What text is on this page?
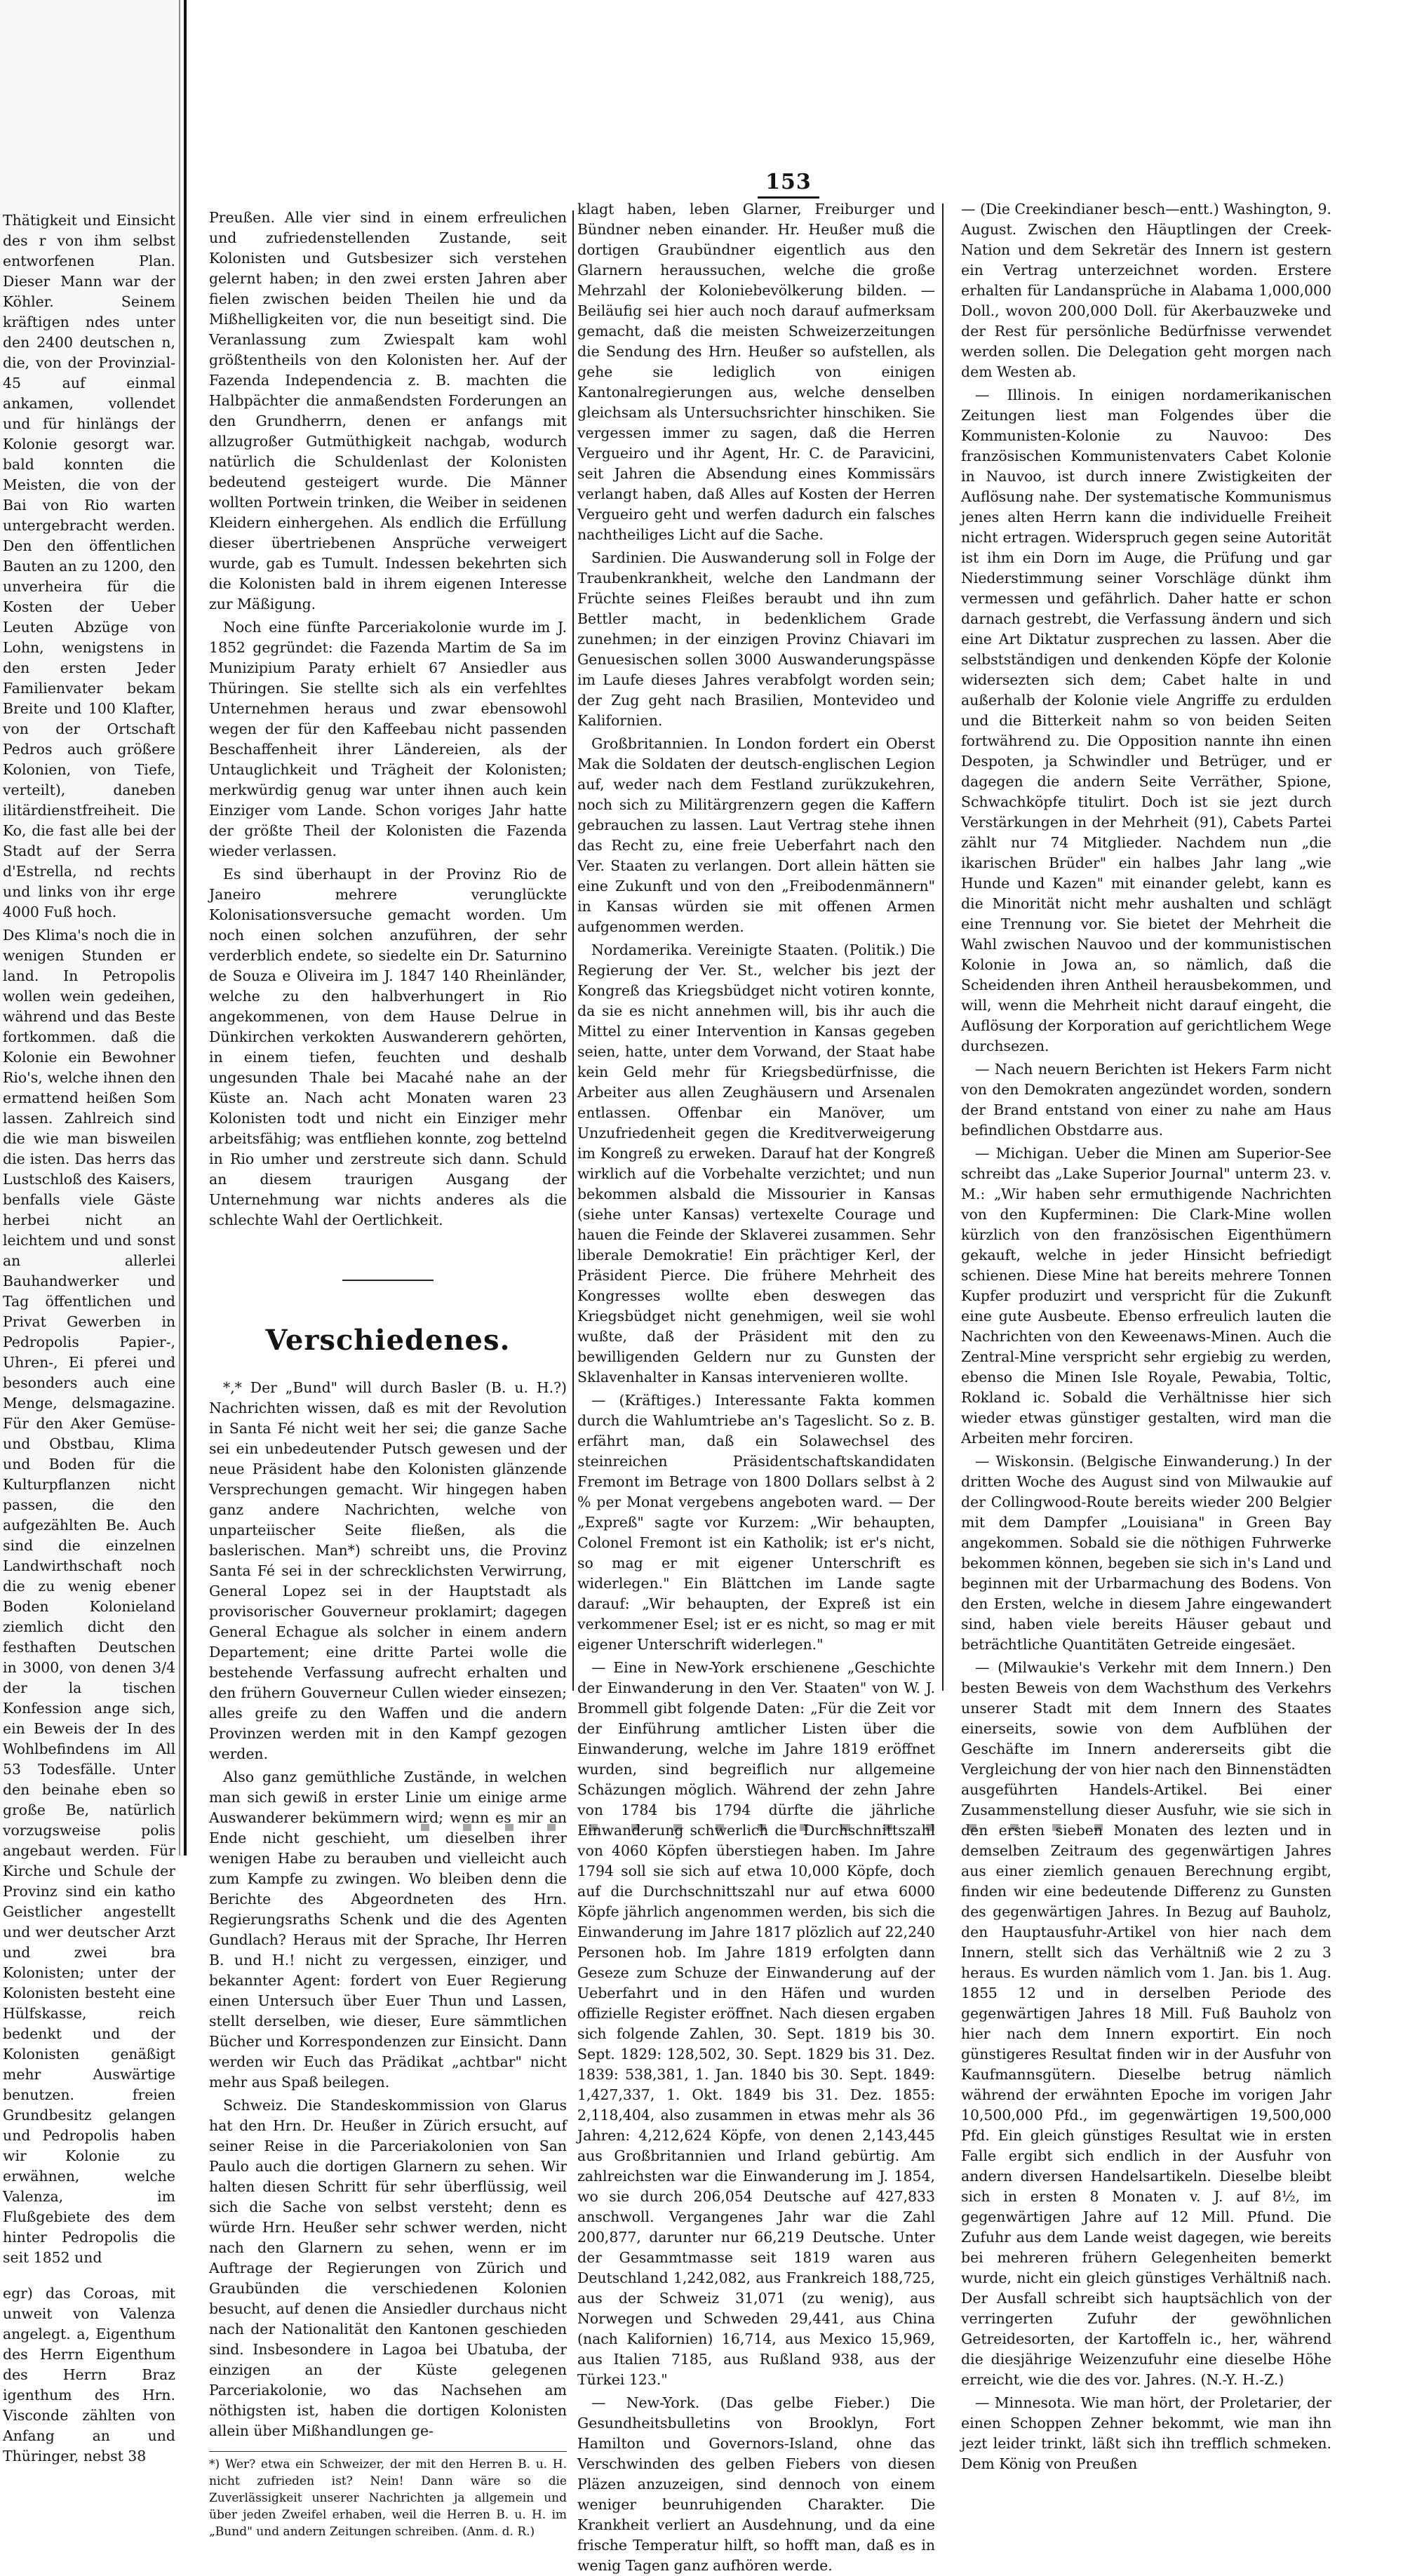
153

Thätigkeit und Einsicht des r von ihm selbst entworfenen Plan. Dieser Mann war der Köhler. Seinem kräftigen ndes unter den 2400 deutschen n, die, von der Provinzial-45 auf einmal ankamen, vollendet und für hinlängs der Kolonie gesorgt war. bald konnten die Meisten, die von der Bai von Rio warten untergebracht werden. Den den öffentlichen Bauten an zu 1200, den unverheira für die Kosten der Ueber Leuten Abzüge von Lohn, wenigstens in den ersten Jeder Familienvater bekam Breite und 100 Klafter, von der Ortschaft Pedros auch größere Kolonien, von Tiefe, verteilt), daneben ilitärdienstfreiheit. Die Ko, die fast alle bei der Stadt auf der Serra d'Estrella, nd rechts und links von ihr erge 4000 Fuß hoch.

Des Klima's noch die in wenigen Stunden er land. In Petropolis wollen wein gedeihen, während und das Beste fortkommen. daß die Kolonie ein Bewohner Rio's, welche ihnen den ermattend heißen Som lassen. Zahlreich sind die wie man bisweilen die isten. Das herrs das Lustschloß des Kaisers, benfalls viele Gäste herbei nicht an leichtem und und sonst an allerlei Bauhandwerker und Tag öffentlichen und Privat Gewerben in Pedropolis Papier-, Uhren-, Ei pferei und besonders auch eine Menge, delsmagazine. Für den Aker Gemüse- und Obstbau, Klima und Boden für die Kulturpflanzen nicht passen, die den aufgezählten Be. Auch sind die einzelnen Landwirthschaft noch die zu wenig ebener Boden Kolonieland ziemlich dicht den festhaften Deutschen in 3000, von denen 3/4 der la tischen Konfession ange sich, ein Beweis der In des Wohlbefindens im All 53 Todesfälle. Unter den beinahe eben so große Be, natürlich vorzugsweise polis angebaut werden. Für Kirche und Schule der Provinz sind ein katho Geistlicher angestellt und wer deutscher Arzt und zwei bra Kolonisten; unter der Kolonisten besteht eine Hülfskasse, reich bedenkt und der Kolonisten genäßigt mehr Auswärtige benutzen. freien Grundbesitz gelangen und Pedropolis haben wir Kolonie zu erwähnen, welche Valenza, im Flußgebiete des dem hinter Pedropolis die seit 1852 und

egr) das Coroas, mit unweit von Valenza angelegt. a, Eigenthum des Herrn Eigenthum des Herrn Braz igenthum des Hrn. Visconde zählten von Anfang an und Thüringer, nebst 38

Preußen. Alle vier sind in einem erfreulichen und zufriedenstellenden Zustande, seit Kolonisten und Gutsbesizer sich verstehen gelernt haben; in den zwei ersten Jahren aber fielen zwischen beiden Theilen hie und da Mißhelligkeiten vor, die nun beseitigt sind. Die Veranlassung zum Zwiespalt kam wohl größtentheils von den Kolonisten her. Auf der Fazenda Independencia z. B. machten die Halbpächter die anmaßendsten Forderungen an den Grundherrn, denen er anfangs mit allzugroßer Gutmüthigkeit nachgab, wodurch natürlich die Schuldenlast der Kolonisten bedeutend gesteigert wurde. Die Männer wollten Portwein trinken, die Weiber in seidenen Kleidern einhergehen. Als endlich die Erfüllung dieser übertriebenen Ansprüche verweigert wurde, gab es Tumult. Indessen bekehrten sich die Kolonisten bald in ihrem eigenen Interesse zur Mäßigung.

Noch eine fünfte Parceriakolonie wurde im J. 1852 gegründet: die Fazenda Martim de Sa im Munizipium Paraty erhielt 67 Ansiedler aus Thüringen. Sie stellte sich als ein verfehltes Unternehmen heraus und zwar ebensowohl wegen der für den Kaffeebau nicht passenden Beschaffenheit ihrer Ländereien, als der Untauglichkeit und Trägheit der Kolonisten; merkwürdig genug war unter ihnen auch kein Einziger vom Lande. Schon voriges Jahr hatte der größte Theil der Kolonisten die Fazenda wieder verlassen.

Es sind überhaupt in der Provinz Rio de Janeiro mehrere verunglückte Kolonisationsversuche gemacht worden. Um noch einen solchen anzuführen, der sehr verderblich endete, so siedelte ein Dr. Saturnino de Souza e Oliveira im J. 1847 140 Rheinländer, welche zu den halbverhungert in Rio angekommenen, von dem Hause Delrue in Dünkirchen verkokten Auswanderern gehörten, in einem tiefen, feuchten und deshalb ungesunden Thale bei Macahé nahe an der Küste an. Nach acht Monaten waren 23 Kolonisten todt und nicht ein Einziger mehr arbeitsfähig; was entfliehen konnte, zog bettelnd in Rio umher und zerstreute sich dann. Schuld an diesem traurigen Ausgang der Unternehmung war nichts anderes als die schlechte Wahl der Oertlichkeit.

Verschiedenes.

*,* Der „Bund" will durch Basler (B. u. H.?) Nachrichten wissen, daß es mit der Revolution in Santa Fé nicht weit her sei; die ganze Sache sei ein unbedeutender Putsch gewesen und der neue Präsident habe den Kolonisten glänzende Versprechungen gemacht. Wir hingegen haben ganz andere Nachrichten, welche von unparteiischer Seite fließen, als die baslerischen. Man*) schreibt uns, die Provinz Santa Fé sei in der schrecklichsten Verwirrung, General Lopez sei in der Hauptstadt als provisorischer Gouverneur proklamirt; dagegen General Echague als solcher in einem andern Departement; eine dritte Partei wolle die bestehende Verfassung aufrecht erhalten und den frühern Gouverneur Cullen wieder einsezen; alles greife zu den Waffen und die andern Provinzen werden mit in den Kampf gezogen werden.

Also ganz gemüthliche Zustände, in welchen man sich gewiß in erster Linie um einige arme Auswanderer bekümmern wird; wenn es mir an Ende nicht geschieht, um dieselben ihrer wenigen Habe zu berauben und vielleicht auch zum Kampfe zu zwingen. Wo bleiben denn die Berichte des Abgeordneten des Hrn. Regierungsraths Schenk und die des Agenten Gundlach? Heraus mit der Sprache, Ihr Herren B. und H.! nicht zu vergessen, einziger, und bekannter Agent: fordert von Euer Regierung einen Untersuch über Euer Thun und Lassen, stellt derselben, wie dieser, Eure sämmtlichen Bücher und Korrespondenzen zur Einsicht. Dann werden wir Euch das Prädikat „achtbar" nicht mehr aus Spaß beilegen.

Schweiz. Die Standeskommission von Glarus hat den Hrn. Dr. Heußer in Zürich ersucht, auf seiner Reise in die Parceriakolonien von San Paulo auch die dortigen Glarnern zu sehen. Wir halten diesen Schritt für sehr überflüssig, weil sich die Sache von selbst versteht; denn es würde Hrn. Heußer sehr schwer werden, nicht nach den Glarnern zu sehen, wenn er im Auftrage der Regierungen von Zürich und Graubünden die verschiedenen Kolonien besucht, auf denen die Ansiedler durchaus nicht nach der Nationalität den Kantonen geschieden sind. Insbesondere in Lagoa bei Ubatuba, der einzigen an der Küste gelegenen Parceriakolonie, wo das Nachsehen am nöthigsten ist, haben die dortigen Kolonisten allein über Mißhandlungen ge-

*) Wer? etwa ein Schweizer, der mit den Herren B. u. H. nicht zufrieden ist? Nein! Dann wäre so die Zuverlässigkeit unserer Nachrichten ja allgemein und über jeden Zweifel erhaben, weil die Herren B. u. H. im „Bund" und andern Zeitungen schreiben. (Anm. d. R.)

klagt haben, leben Glarner, Freiburger und Bündner neben einander. Hr. Heußer muß die dortigen Graubündner eigentlich aus den Glarnern heraussuchen, welche die große Mehrzahl der Koloniebevölkerung bilden. — Beiläufig sei hier auch noch darauf aufmerksam gemacht, daß die meisten Schweizerzeitungen die Sendung des Hrn. Heußer so aufstellen, als gehe sie lediglich von einigen Kantonalregierungen aus, welche denselben gleichsam als Untersuchsrichter hinschiken. Sie vergessen immer zu sagen, daß die Herren Vergueiro und ihr Agent, Hr. C. de Paravicini, seit Jahren die Absendung eines Kommissärs verlangt haben, daß Alles auf Kosten der Herren Vergueiro geht und werfen dadurch ein falsches nachtheiliges Licht auf die Sache.

Sardinien. Die Auswanderung soll in Folge der Traubenkrankheit, welche den Landmann der Früchte seines Fleißes beraubt und ihn zum Bettler macht, in bedenklichem Grade zunehmen; in der einzigen Provinz Chiavari im Genuesischen sollen 3000 Auswanderungspässe im Laufe dieses Jahres verabfolgt worden sein; der Zug geht nach Brasilien, Montevideo und Kalifornien.

Großbritannien. In London fordert ein Oberst Mak die Soldaten der deutsch-englischen Legion auf, weder nach dem Festland zurükzukehren, noch sich zu Militärgrenzern gegen die Kaffern gebrauchen zu lassen. Laut Vertrag stehe ihnen das Recht zu, eine freie Ueberfahrt nach den Ver. Staaten zu verlangen. Dort allein hätten sie eine Zukunft und von den „Freibodenmännern" in Kansas würden sie mit offenen Armen aufgenommen werden.

Nordamerika. Vereinigte Staaten. (Politik.) Die Regierung der Ver. St., welcher bis jezt der Kongreß das Kriegsbüdget nicht votiren konnte, da sie es nicht annehmen will, bis ihr auch die Mittel zu einer Intervention in Kansas gegeben seien, hatte, unter dem Vorwand, der Staat habe kein Geld mehr für Kriegsbedürfnisse, die Arbeiter aus allen Zeughäusern und Arsenalen entlassen. Offenbar ein Manöver, um Unzufriedenheit gegen die Kreditverweigerung im Kongreß zu erweken. Darauf hat der Kongreß wirklich auf die Vorbehalte verzichtet; und nun bekommen alsbald die Missourier in Kansas (siehe unter Kansas) vertexelte Courage und hauen die Feinde der Sklaverei zusammen. Sehr liberale Demokratie! Ein prächtiger Kerl, der Präsident Pierce. Die frühere Mehrheit des Kongresses wollte eben deswegen das Kriegsbüdget nicht genehmigen, weil sie wohl wußte, daß der Präsident mit den zu bewilligenden Geldern nur zu Gunsten der Sklavenhalter in Kansas intervenieren wollte.

— (Kräftiges.) Interessante Fakta kommen durch die Wahlumtriebe an's Tageslicht. So z. B. erfährt man, daß ein Solawechsel des steinreichen Präsidentschaftskandidaten Fremont im Betrage von 1800 Dollars selbst à 2 % per Monat vergebens angeboten ward. — Der „Expreß" sagte vor Kurzem: „Wir behaupten, Colonel Fremont ist ein Katholik; ist er's nicht, so mag er mit eigener Unterschrift es widerlegen." Ein Blättchen im Lande sagte darauf: „Wir behaupten, der Expreß ist ein verkommener Esel; ist er es nicht, so mag er mit eigener Unterschrift widerlegen."

— Eine in New-York erschienene „Geschichte der Einwanderung in den Ver. Staaten" von W. J. Brommell gibt folgende Daten: „Für die Zeit vor der Einführung amtlicher Listen über die Einwanderung, welche im Jahre 1819 eröffnet wurden, sind begreiflich nur allgemeine Schäzungen möglich. Während der zehn Jahre von 1784 bis 1794 dürfte die jährliche Einwanderung schwerlich die Durchschnittszahl von 4060 Köpfen überstiegen haben. Im Jahre 1794 soll sie sich auf etwa 10,000 Köpfe, doch auf die Durchschnittszahl nur auf etwa 6000 Köpfe jährlich angenommen werden, bis sich die Einwanderung im Jahre 1817 plözlich auf 22,240 Personen hob. Im Jahre 1819 erfolgten dann Geseze zum Schuze der Einwanderung auf der Ueberfahrt und in den Häfen und wurden offizielle Register eröffnet. Nach diesen ergaben sich folgende Zahlen, 30. Sept. 1819 bis 30. Sept. 1829: 128,502, 30. Sept. 1829 bis 31. Dez. 1839: 538,381, 1. Jan. 1840 bis 30. Sept. 1849: 1,427,337, 1. Okt. 1849 bis 31. Dez. 1855: 2,118,404, also zusammen in etwas mehr als 36 Jahren: 4,212,624 Köpfe, von denen 2,143,445 aus Großbritannien und Irland gebürtig. Am zahlreichsten war die Einwanderung im J. 1854, wo sie durch 206,054 Deutsche auf 427,833 anschwoll. Vergangenes Jahr war die Zahl 200,877, darunter nur 66,219 Deutsche. Unter der Gesammtmasse seit 1819 waren aus Deutschland 1,242,082, aus Frankreich 188,725, aus der Schweiz 31,071 (zu wenig), aus Norwegen und Schweden 29,441, aus China (nach Kalifornien) 16,714, aus Mexico 15,969, aus Italien 7185, aus Rußland 938, aus der Türkei 123."

— New-York. (Das gelbe Fieber.) Die Gesundheitsbulletins von Brooklyn, Fort Hamilton und Governors-Island, ohne das Verschwinden des gelben Fiebers von diesen Pläzen anzuzeigen, sind dennoch von einem weniger beunruhigenden Charakter. Die Krankheit verliert an Ausdehnung, und da eine frische Temperatur hilft, so hofft man, daß es in wenig Tagen ganz aufhören werde.

— (Die Creekindianer besch—entt.) Washington, 9. August. Zwischen den Häuptlingen der Creek-Nation und dem Sekretär des Innern ist gestern ein Vertrag unterzeichnet worden. Erstere erhalten für Landansprüche in Alabama 1,000,000 Doll., wovon 200,000 Doll. für Akerbauzweke und der Rest für persönliche Bedürfnisse verwendet werden sollen. Die Delegation geht morgen nach dem Westen ab.

— Illinois. In einigen nordamerikanischen Zeitungen liest man Folgendes über die Kommunisten-Kolonie zu Nauvoo: Des französischen Kommunistenvaters Cabet Kolonie in Nauvoo, ist durch innere Zwistigkeiten der Auflösung nahe. Der systematische Kommunismus jenes alten Herrn kann die individuelle Freiheit nicht ertragen. Widerspruch gegen seine Autorität ist ihm ein Dorn im Auge, die Prüfung und gar Niederstimmung seiner Vorschläge dünkt ihm vermessen und gefährlich. Daher hatte er schon darnach gestrebt, die Verfassung ändern und sich eine Art Diktatur zusprechen zu lassen. Aber die selbstständigen und denkenden Köpfe der Kolonie widersezten sich dem; Cabet halte in und außerhalb der Kolonie viele Angriffe zu erdulden und die Bitterkeit nahm so von beiden Seiten fortwährend zu. Die Opposition nannte ihn einen Despoten, ja Schwindler und Betrüger, und er dagegen die andern Seite Verräther, Spione, Schwachköpfe titulirt. Doch ist sie jezt durch Verstärkungen in der Mehrheit (91), Cabets Partei zählt nur 74 Mitglieder. Nachdem nun „die ikarischen Brüder" ein halbes Jahr lang „wie Hunde und Kazen" mit einander gelebt, kann es die Minorität nicht mehr aushalten und schlägt eine Trennung vor. Sie bietet der Mehrheit die Wahl zwischen Nauvoo und der kommunistischen Kolonie in Jowa an, so nämlich, daß die Scheidenden ihren Antheil herausbekommen, und will, wenn die Mehrheit nicht darauf eingeht, die Auflösung der Korporation auf gerichtlichem Wege durchsezen.

— Nach neuern Berichten ist Hekers Farm nicht von den Demokraten angezündet worden, sondern der Brand entstand von einer zu nahe am Haus befindlichen Obstdarre aus.

— Michigan. Ueber die Minen am Superior-See schreibt das „Lake Superior Journal" unterm 23. v. M.: „Wir haben sehr ermuthigende Nachrichten von den Kupferminen: Die Clark-Mine wollen kürzlich von den französischen Eigenthümern gekauft, welche in jeder Hinsicht befriedigt schienen. Diese Mine hat bereits mehrere Tonnen Kupfer produzirt und verspricht für die Zukunft eine gute Ausbeute. Ebenso erfreulich lauten die Nachrichten von den Keweenaws-Minen. Auch die Zentral-Mine verspricht sehr ergiebig zu werden, ebenso die Minen Isle Royale, Pewabia, Toltic, Rokland ic. Sobald die Verhältnisse hier sich wieder etwas günstiger gestalten, wird man die Arbeiten mehr forciren.

— Wiskonsin. (Belgische Einwanderung.) In der dritten Woche des August sind von Milwaukie auf der Collingwood-Route bereits wieder 200 Belgier mit dem Dampfer „Louisiana" in Green Bay angekommen. Sobald sie die nöthigen Fuhrwerke bekommen können, begeben sie sich in's Land und beginnen mit der Urbarmachung des Bodens. Von den Ersten, welche in diesem Jahre eingewandert sind, haben viele bereits Häuser gebaut und beträchtliche Quantitäten Getreide eingesäet.

— (Milwaukie's Verkehr mit dem Innern.) Den besten Beweis von dem Wachsthum des Verkehrs unserer Stadt mit dem Innern des Staates einerseits, sowie von dem Aufblühen der Geschäfte im Innern andererseits gibt die Vergleichung der von hier nach den Binnenstädten ausgeführten Handels-Artikel. Bei einer Zusammenstellung dieser Ausfuhr, wie sie sich in den ersten sieben Monaten des lezten und in demselben Zeitraum des gegenwärtigen Jahres aus einer ziemlich genauen Berechnung ergibt, finden wir eine bedeutende Differenz zu Gunsten des gegenwärtigen Jahres. In Bezug auf Bauholz, den Hauptausfuhr-Artikel von hier nach dem Innern, stellt sich das Verhältniß wie 2 zu 3 heraus. Es wurden nämlich vom 1. Jan. bis 1. Aug. 1855 12 und in derselben Periode des gegenwärtigen Jahres 18 Mill. Fuß Bauholz von hier nach dem Innern exportirt. Ein noch günstigeres Resultat finden wir in der Ausfuhr von Kaufmannsgütern. Dieselbe betrug nämlich während der erwähnten Epoche im vorigen Jahr 10,500,000 Pfd., im gegenwärtigen 19,500,000 Pfd. Ein gleich günstiges Resultat wie in ersten Falle ergibt sich endlich in der Ausfuhr von andern diversen Handelsartikeln. Dieselbe bleibt sich in ersten 8 Monaten v. J. auf 8½, im gegenwärtigen Jahre auf 12 Mill. Pfund. Die Zufuhr aus dem Lande weist dagegen, wie bereits bei mehreren frühern Gelegenheiten bemerkt wurde, nicht ein gleich günstiges Verhältniß nach. Der Ausfall schreibt sich hauptsächlich von der verringerten Zufuhr der gewöhnlichen Getreidesorten, der Kartoffeln ic., her, während die diesjährige Weizenzufuhr eine dieselbe Höhe erreicht, wie die des vor. Jahres. (N.-Y. H.-Z.)

— Minnesota. Wie man hört, der Proletarier, der einen Schoppen Zehner bekommt, wie man ihn jezt leider trinkt, läßt sich ihn trefflich schmeken. Dem König von Preußen
